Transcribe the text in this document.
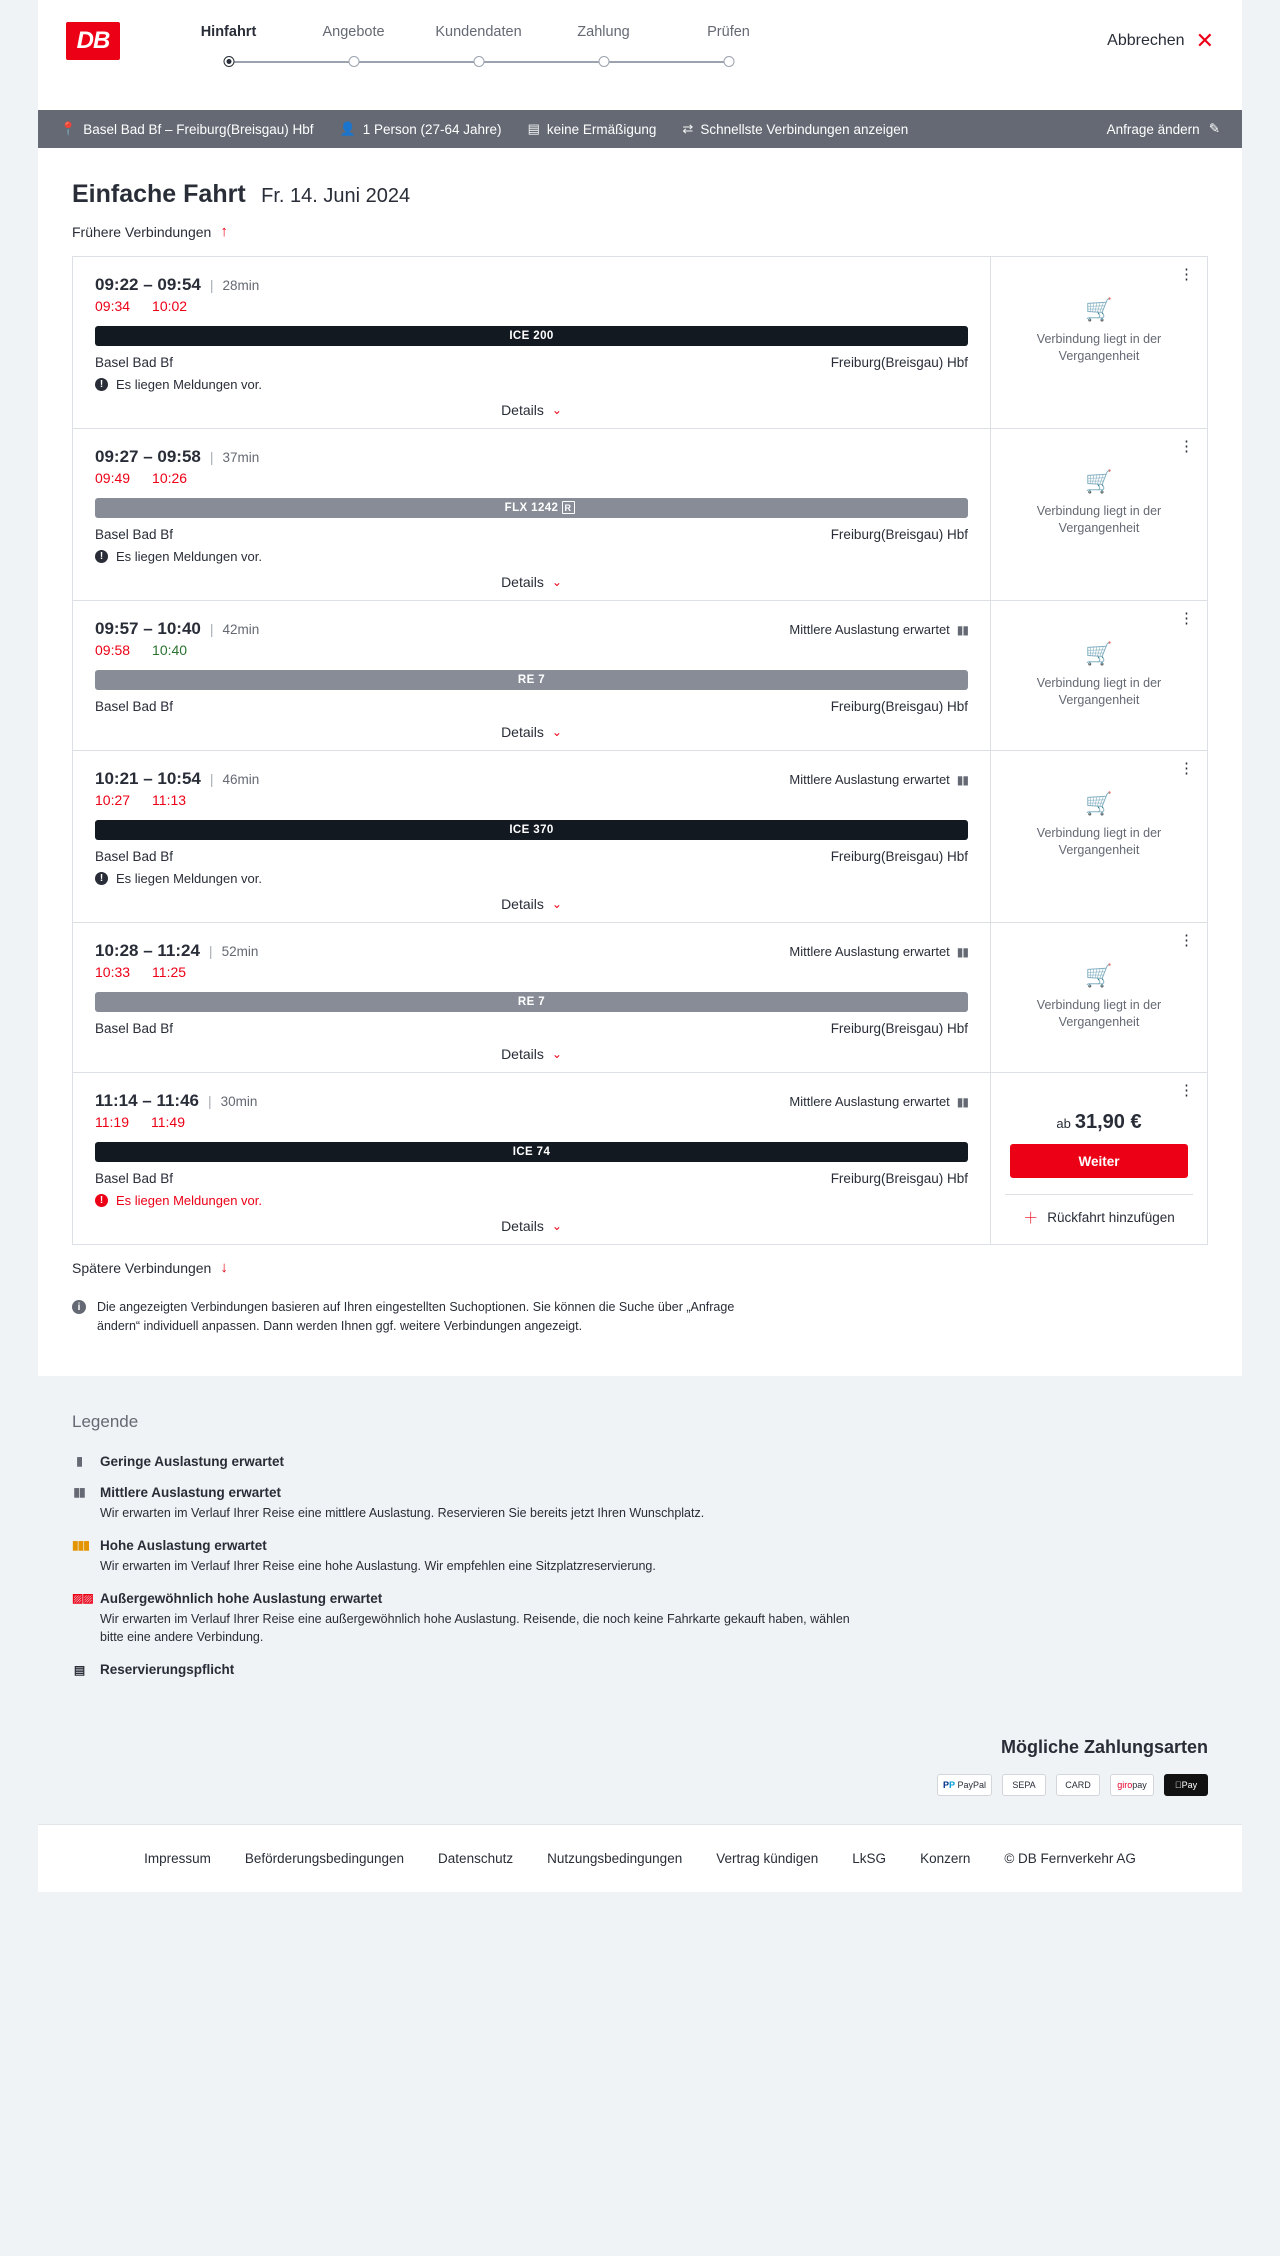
DB	Hinfahrt	Angebote	Kundendaten	Zahlung	Prüfen	Abbrechen ✕
📍 Basel Bad Bf – Freiburg(Breisgau) Hbf 👤 1 Person (27-64 Jahre) ▤ keine Ermäßigung ⇄ Schnellste Verbindungen anzeigen	Anfrage ändern ✎
Einfache Fahrt Fr. 14. Juni 2024
Frühere Verbindungen ↑
09:22 – 09:54 | 28min
09:34 10:02
ICE 200
Basel Bad Bf	Freiburg(Breisgau) Hbf
! Es liegen Meldungen vor.
Details ⌄
⋮
🛒
Verbindung liegt in der Vergangenheit
09:27 – 09:58 | 37min
09:49 10:26
FLX 1242 R
Basel Bad Bf	Freiburg(Breisgau) Hbf
! Es liegen Meldungen vor.
Details ⌄
⋮
🛒
Verbindung liegt in der Vergangenheit
09:57 – 10:40 | 42min	Mittlere Auslastung erwartet ▮▮
09:58 10:40
RE 7
Basel Bad Bf	Freiburg(Breisgau) Hbf
Details ⌄
⋮
🛒
Verbindung liegt in der Vergangenheit
10:21 – 10:54 | 46min	Mittlere Auslastung erwartet ▮▮
10:27 11:13
ICE 370
Basel Bad Bf	Freiburg(Breisgau) Hbf
! Es liegen Meldungen vor.
Details ⌄
⋮
🛒
Verbindung liegt in der Vergangenheit
10:28 – 11:24 | 52min	Mittlere Auslastung erwartet ▮▮
10:33 11:25
RE 7
Basel Bad Bf	Freiburg(Breisgau) Hbf
Details ⌄
⋮
🛒
Verbindung liegt in der Vergangenheit
11:14 – 11:46 | 30min	Mittlere Auslastung erwartet ▮▮
11:19 11:49
ICE 74
Basel Bad Bf	Freiburg(Breisgau) Hbf
! Es liegen Meldungen vor.
Details ⌄
⋮
ab 31,90 €
Weiter
＋ Rückfahrt hinzufügen
Spätere Verbindungen ↓
i	Die angezeigten Verbindungen basieren auf Ihren eingestellten Suchoptionen. Sie können die Suche über „Anfrage ändern“ individuell anpassen. Dann werden Ihnen ggf. weitere Verbindungen angezeigt.
Legende
▮	Geringe Auslastung erwartet
▮▮ Mittlere Auslastung erwartet
Wir erwarten im Verlauf Ihrer Reise eine mittlere Auslastung. Reservieren Sie bereits jetzt Ihren Wunschplatz.
▮▮▮ Hohe Auslastung erwartet
Wir erwarten im Verlauf Ihrer Reise eine hohe Auslastung. Wir empfehlen eine Sitzplatzreservierung.
▨▨ Außergewöhnlich hohe Auslastung erwartet
Wir erwarten im Verlauf Ihrer Reise eine außergewöhnlich hohe Auslastung. Reisende, die noch keine Fahrkarte gekauft haben, wählen bitte eine andere Verbindung.
▤ Reservierungspflicht
Mögliche Zahlungsarten
P P PayPal	SEPA	CARD	giro pay	Pay
Impressum	Beförderungsbedingungen	Datenschutz	Nutzungsbedingungen	Vertrag kündigen	LkSG	Konzern	© DB Fernverkehr AG
